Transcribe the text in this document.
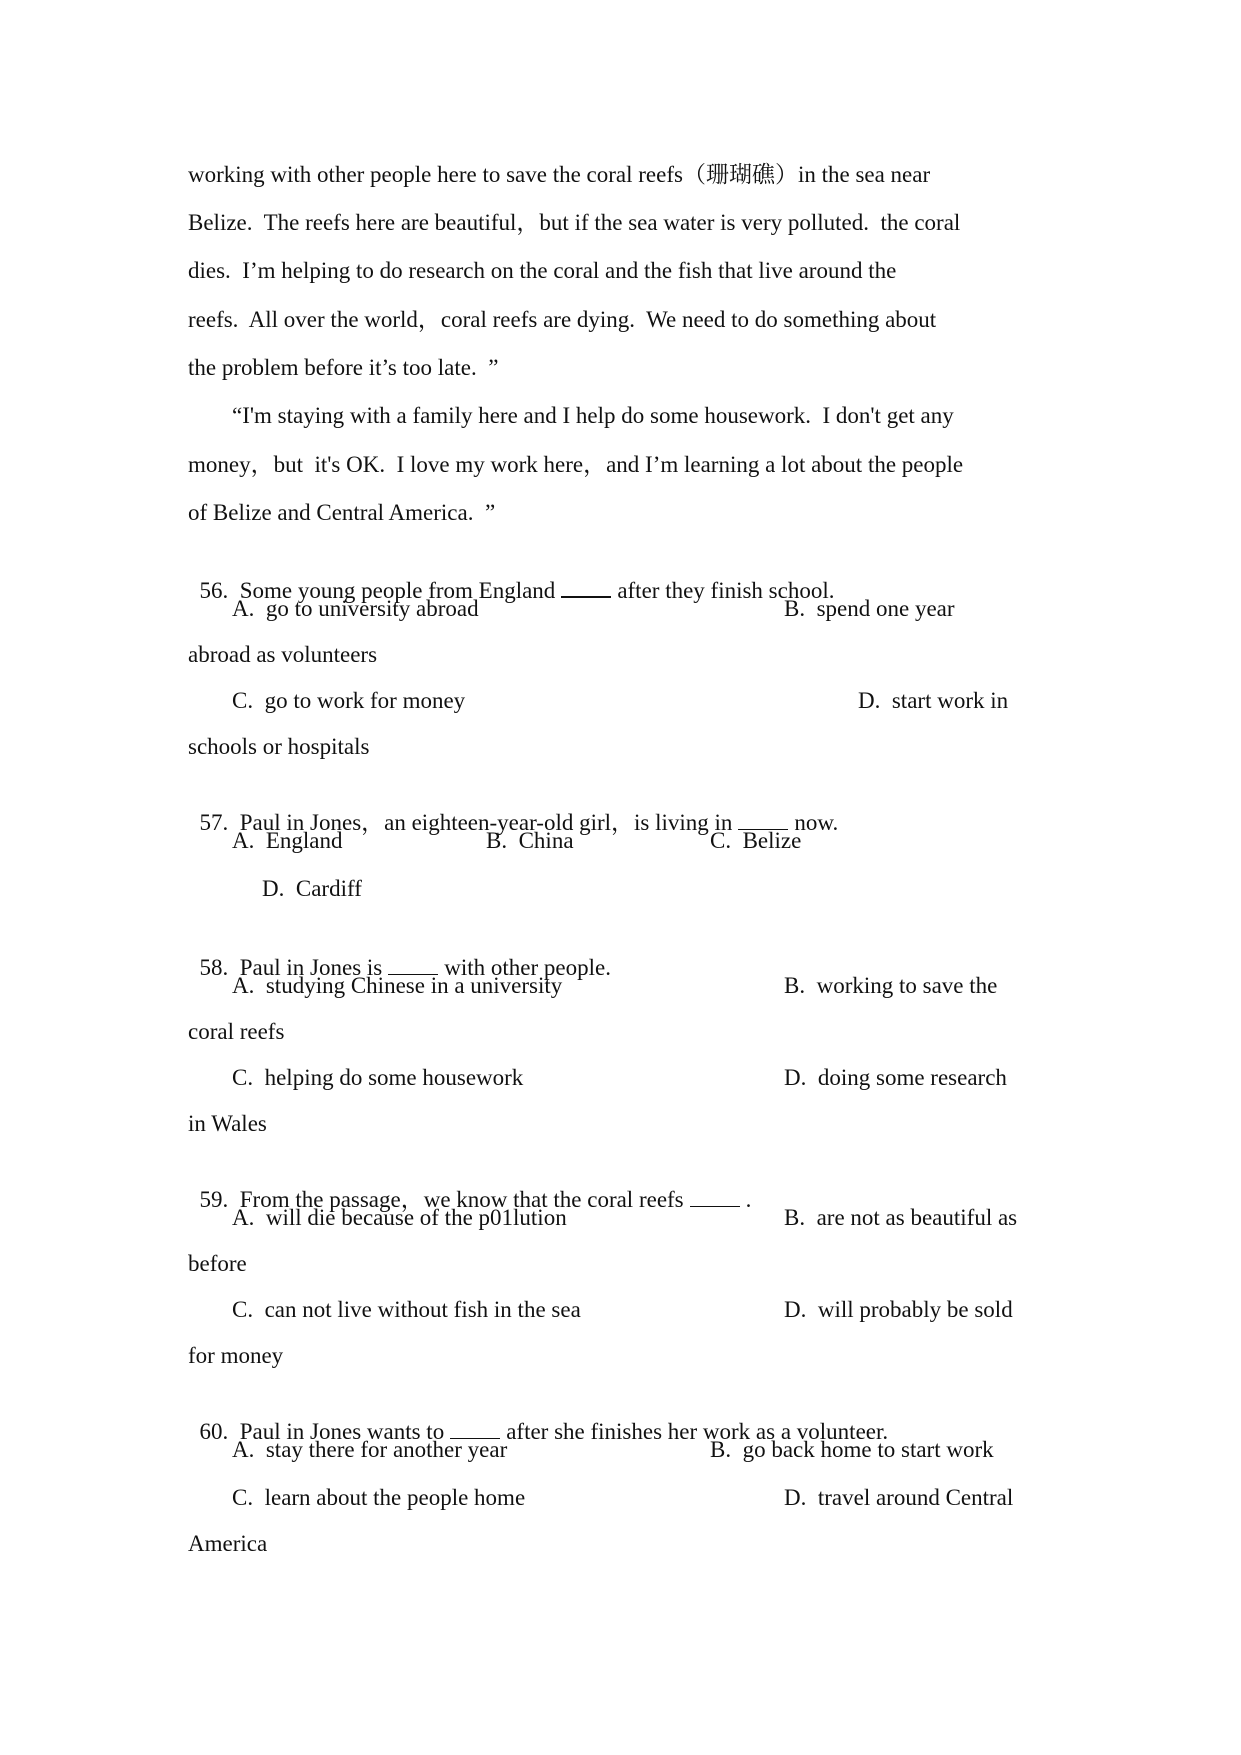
working with other people here to save the coral reefs（珊瑚礁）in the sea near
Belize.  The reefs here are beautiful，but if the sea water is very polluted.  the coral
dies.  I’m helping to do research on the coral and the fish that live around the
reefs.  All over the world，coral reefs are dying.  We need to do something about
the problem before it’s too late.  ”
“I'm staying with a family here and I help do some housework.  I don't get any
money，but  it's OK.  I love my work here，and I’m learning a lot about the people
of Belize and Central America.  ”

56.  Some young people from England	after they finish school.

A.  go to university abroad	B.  spend one year
abroad as volunteers
C.  go to work for money	D.  start work in
schools or hospitals

57.  Paul in Jones，an eighteen-year-old girl，is living in	now.

A.  England	B.  China	C.  Belize
D.  Cardiff

58.  Paul in Jones is	with other people.

A.  studying Chinese in a university	B.  working to save the
coral reefs
C.  helping do some housework	D.  doing some research
in Wales

59.  From the passage，we know that the coral reefs	.

A.  will die because of the p01lution	B.  are not as beautiful as
before
C.  can not live without fish in the sea	D.  will probably be sold
for money

60.  Paul in Jones wants to	after she finishes her work as a volunteer.

A.  stay there for another year	B.  go back home to start work
C.  learn about the people home	D.  travel around Central
America
